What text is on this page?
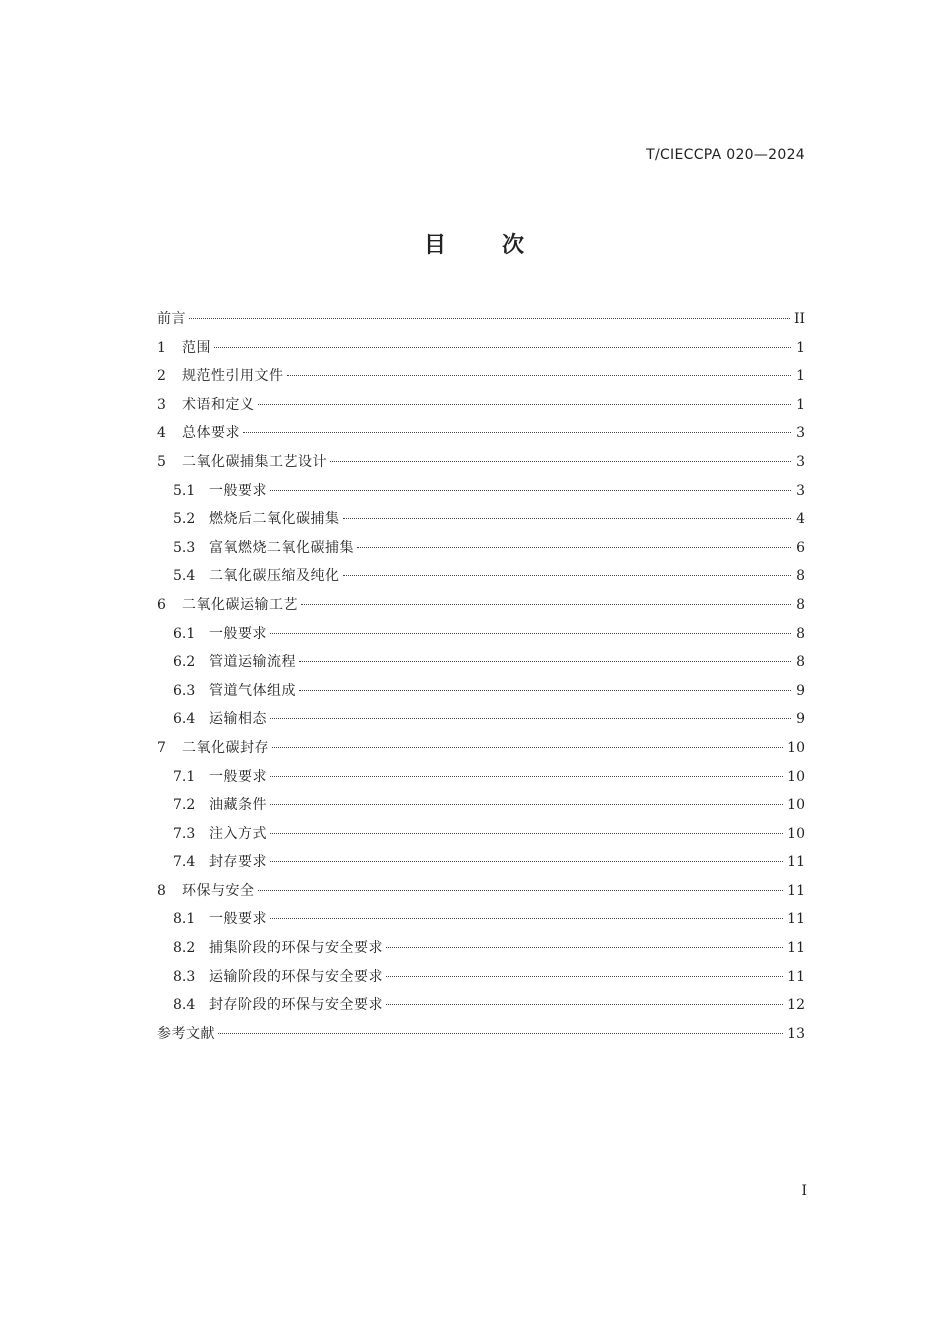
T/CIECCPA 020—2024
目 次
前言	II
1	范围	1
2	规范性引用文件	1
3	术语和定义	1
4	总体要求	3
5	二氧化碳捕集工艺设计	3
5.1 一般要求	3
5.2 燃烧后二氧化碳捕集	4
5.3 富氧燃烧二氧化碳捕集	6
5.4 二氧化碳压缩及纯化	8
6	二氧化碳运输工艺	8
6.1 一般要求	8
6.2 管道运输流程	8
6.3 管道气体组成	9
6.4 运输相态	9
7	二氧化碳封存	10
7.1 一般要求	10
7.2 油藏条件	10
7.3 注入方式	10
7.4 封存要求	11
8	环保与安全	11
8.1 一般要求	11
8.2 捕集阶段的环保与安全要求	11
8.3 运输阶段的环保与安全要求	11
8.4 封存阶段的环保与安全要求	12
参考文献	13
I
